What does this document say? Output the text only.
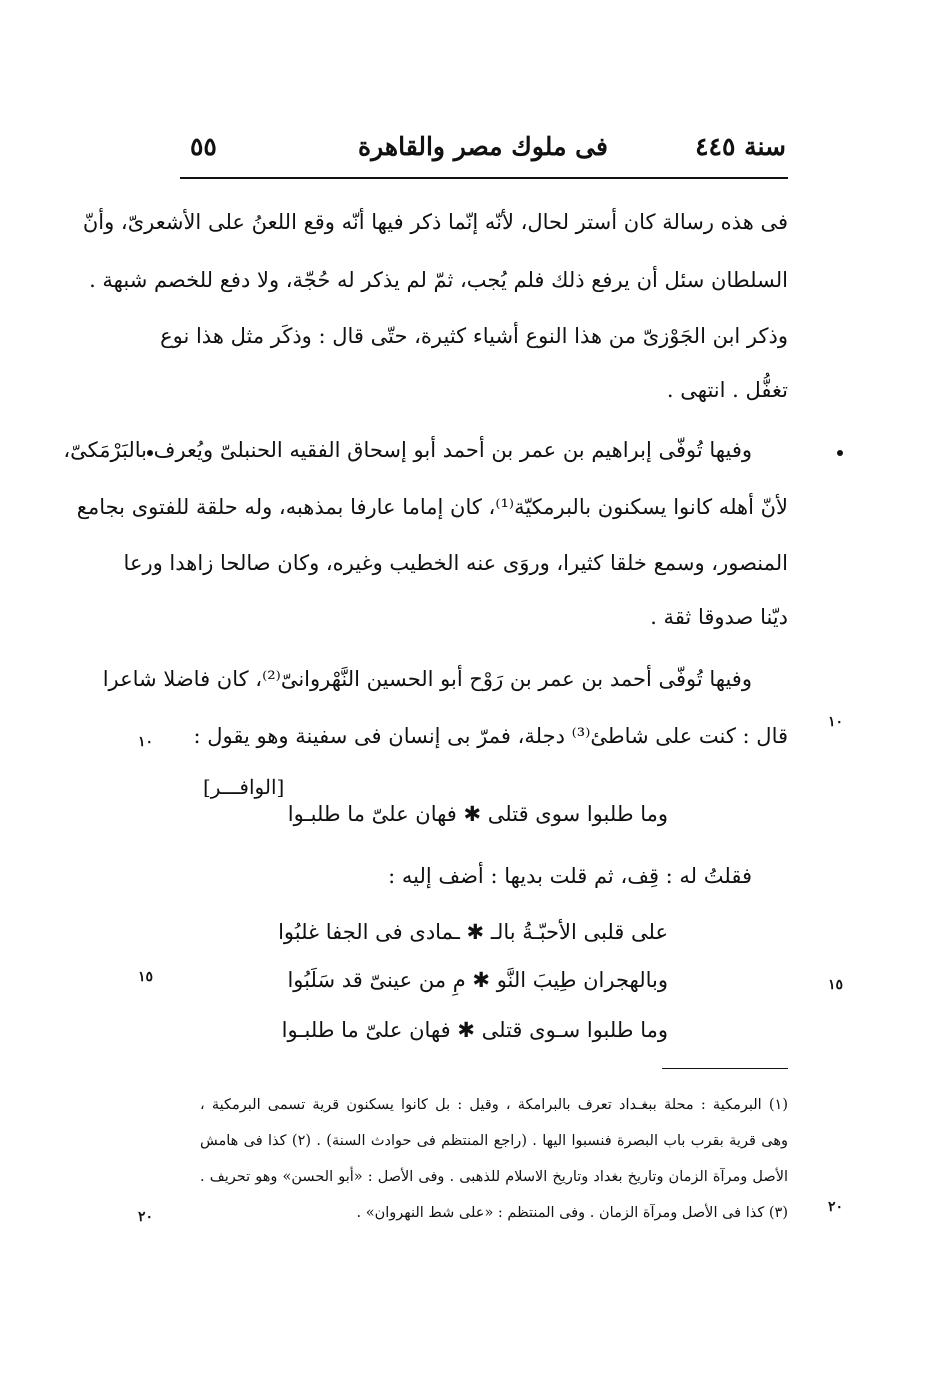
سنة ٤٤٥
فى ملوك مصر والقاهرة
٥٥
فى هذه رسالة كان أستر لحال، لأنّه إنّما ذكر فيها أنّه وقع اللعنُ على الأشعرىّ، وأنّ
السلطان سئل أن يرفع ذلك فلم يُجب، ثمّ لم يذكر له حُجّة، ولا دفع للخصم شبهة .
وذكر ابن الجَوْزىّ من هذا النوع أشياء كثيرة، حتّى قال : وذكَر مثل هذا نوع
تغفُّل . انتهى .
وفيها تُوفّى إبراهيم بن عمر بن أحمد أبو إسحاق الفقيه الحنبلىّ ويُعرف بالبَرْمَكىّ،
لأنّ أهله كانوا يسكنون بالبرمكيّة⁽¹⁾، كان إماما عارفا بمذهبه، وله حلقة للفتوى بجامع
المنصور، وسمع خلقا كثيرا، وروَى عنه الخطيب وغيره، وكان صالحا زاهدا ورعا
ديّنا صدوقا ثقة .
وفيها تُوفّى أحمد بن عمر بن رَوْح أبو الحسين النَّهْروانىّ⁽²⁾، كان فاضلا شاعرا
قال : كنت على شاطئ⁽³⁾ دجلة، فمرّ بى إنسان فى سفينة وهو يقول :
١٠
١٠
[الوافـــر]
وما طلبوا سوى قتلى ✱ فهان علىّ ما طلبـوا
فقلتُ له : قِف، ثم قلت بديها : أضف إليه :
على قلبى الأحبّـةُ بالـ ✱ ـمادى فى الجفا غلبُوا
وبالهجران طِيبَ النَّو ✱ مِ من عينىّ قد سَلَبُوا
وما طلبوا سـوى قتلى ✱ فهان علىّ ما طلبـوا
١٥
١٥
(١) البرمكية : محلة ببغـداد تعرف بالبرامكة ، وقيل : بل كانوا يسكنون قرية تسمى البرمكية ،
وهى قرية بقرب باب البصرة فنسبوا اليها . (راجع المنتظم فى حوادث السنة) . (٢) كذا فى هامش
الأصل ومرآة الزمان وتاريخ بغداد وتاريخ الاسلام للذهبى . وفى الأصل : «أبو الحسن» وهو تحريف .
(٣) كذا فى الأصل ومرآة الزمان . وفى المنتظم : «على شط النهروان» .	٢٠
٢٠
